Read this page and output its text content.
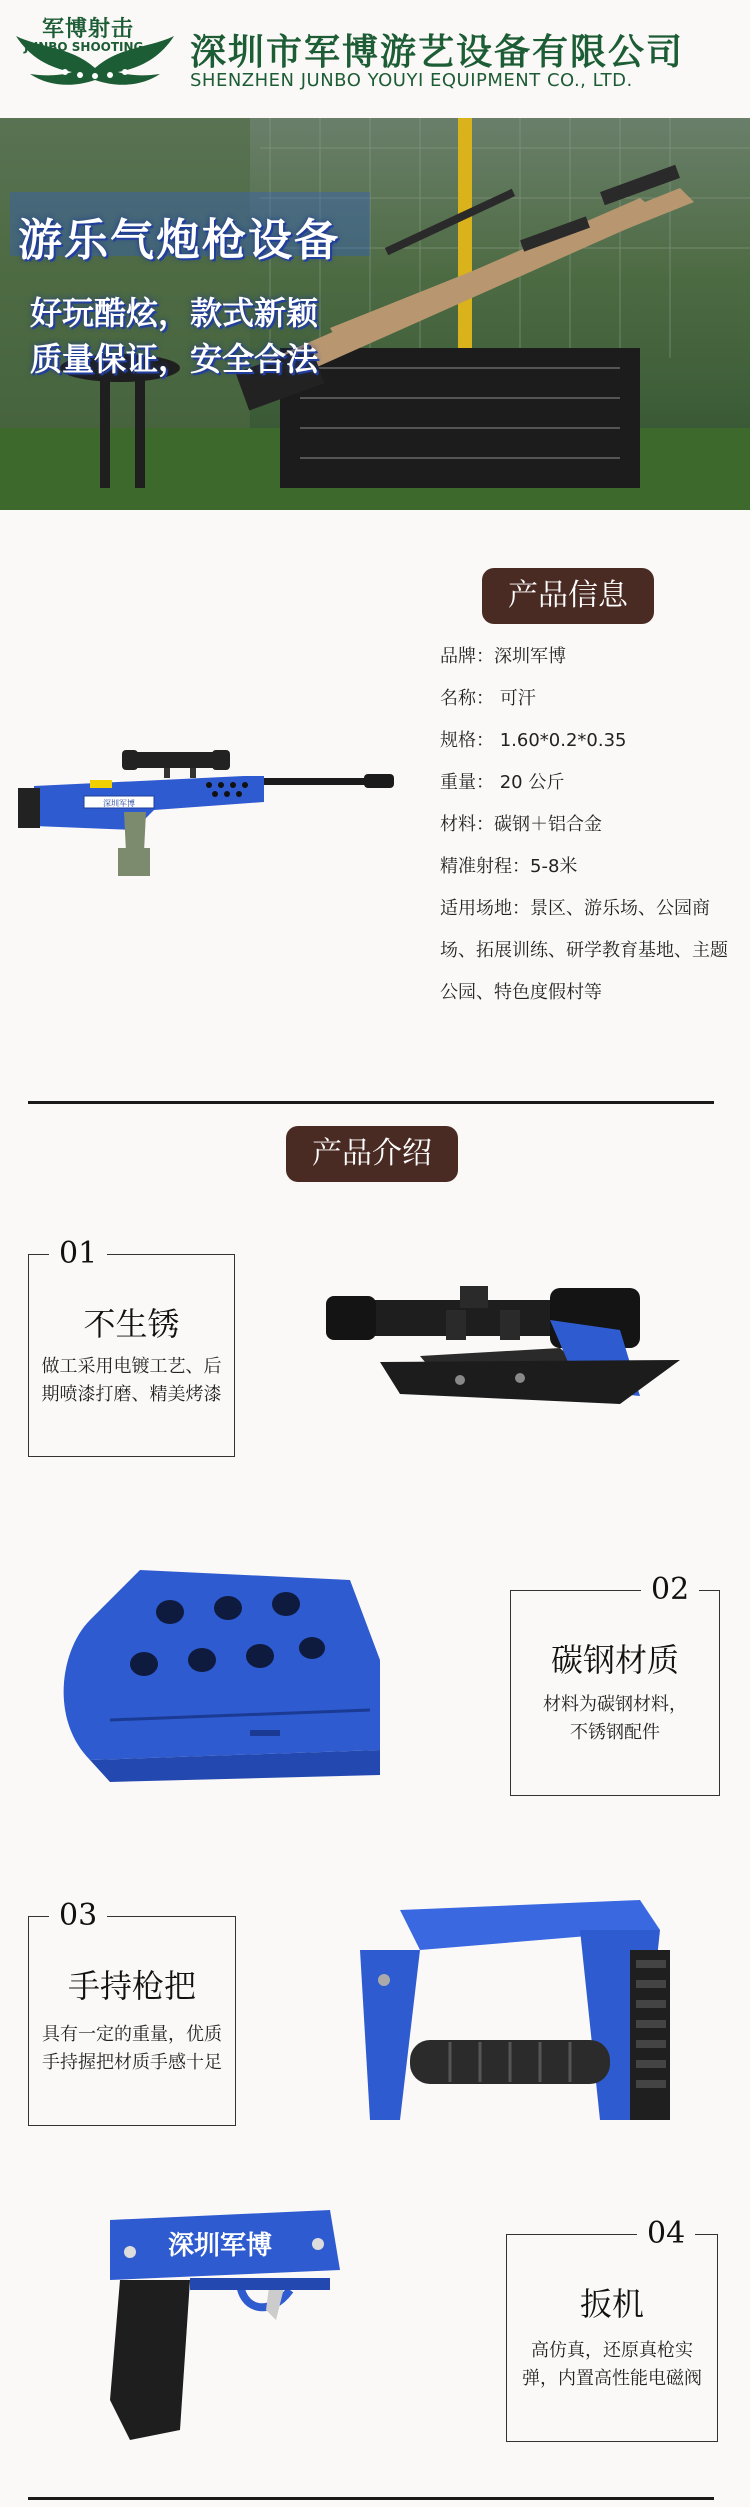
军博射击
JUNBO SHOOTING 深圳市军博游艺设备有限公司
SHENZHEN JUNBO YOUYI EQUIPMENT CO., LTD.
游乐气炮枪设备
好玩酷炫，款式新颖
质量保证，安全合法
产品信息
深圳军博
品牌：深圳军博
名称： 可汗
规格： 1.60*0.2*0.35
重量： 20 公斤
材料：碳钢＋铝合金
精准射程：5-8米
适用场地：景区、游乐场、公园商场、拓展训练、研学教育基地、主题公园、特色度假村等
产品介绍
01
不生锈
做工采用电镀工艺、后期喷漆打磨、精美烤漆
02
碳钢材质
材料为碳钢材料，不锈钢配件
03
手持枪把
具有一定的重量，优质手持握把材质手感十足
深圳军博	04
扳机
高仿真，还原真枪实弹，内置高性能电磁阀
